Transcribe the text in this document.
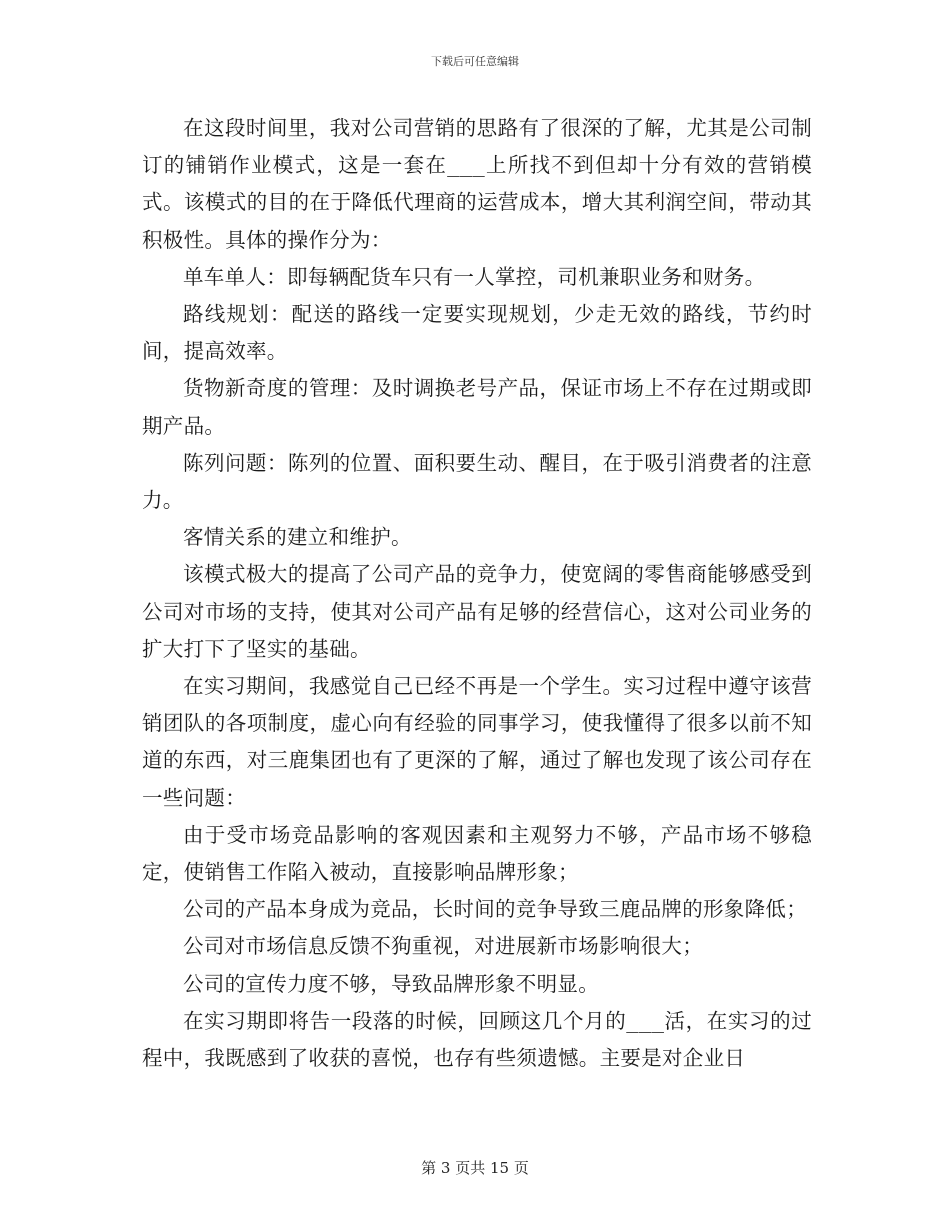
下载后可任意编辑

在这段时间里，我对公司营销的思路有了很深的了解，尤其是公司制订的铺销作业模式，这是一套在___上所找不到但却十分有效的营销模式。该模式的目的在于降低代理商的运营成本，增大其利润空间，带动其积极性。具体的操作分为：

单车单人：即每辆配货车只有一人掌控，司机兼职业务和财务。

路线规划：配送的路线一定要实现规划，少走无效的路线，节约时间，提高效率。

货物新奇度的管理：及时调换老号产品，保证市场上不存在过期或即期产品。

陈列问题：陈列的位置、面积要生动、醒目，在于吸引消费者的注意力。

客情关系的建立和维护。

该模式极大的提高了公司产品的竞争力，使宽阔的零售商能够感受到公司对市场的支持，使其对公司产品有足够的经营信心，这对公司业务的扩大打下了坚实的基础。

在实习期间，我感觉自己已经不再是一个学生。实习过程中遵守该营销团队的各项制度，虚心向有经验的同事学习，使我懂得了很多以前不知道的东西，对三鹿集团也有了更深的了解，通过了解也发现了该公司存在一些问题：

由于受市场竞品影响的客观因素和主观努力不够，产品市场不够稳定，使销售工作陷入被动，直接影响品牌形象；

公司的产品本身成为竞品，长时间的竞争导致三鹿品牌的形象降低；

公司对市场信息反馈不狗重视，对进展新市场影响很大；

公司的宣传力度不够，导致品牌形象不明显。

在实习期即将告一段落的时候，回顾这几个月的___活，在实习的过程中，我既感到了收获的喜悦，也存有些须遗憾。主要是对企业日

第 3 页共 15 页
